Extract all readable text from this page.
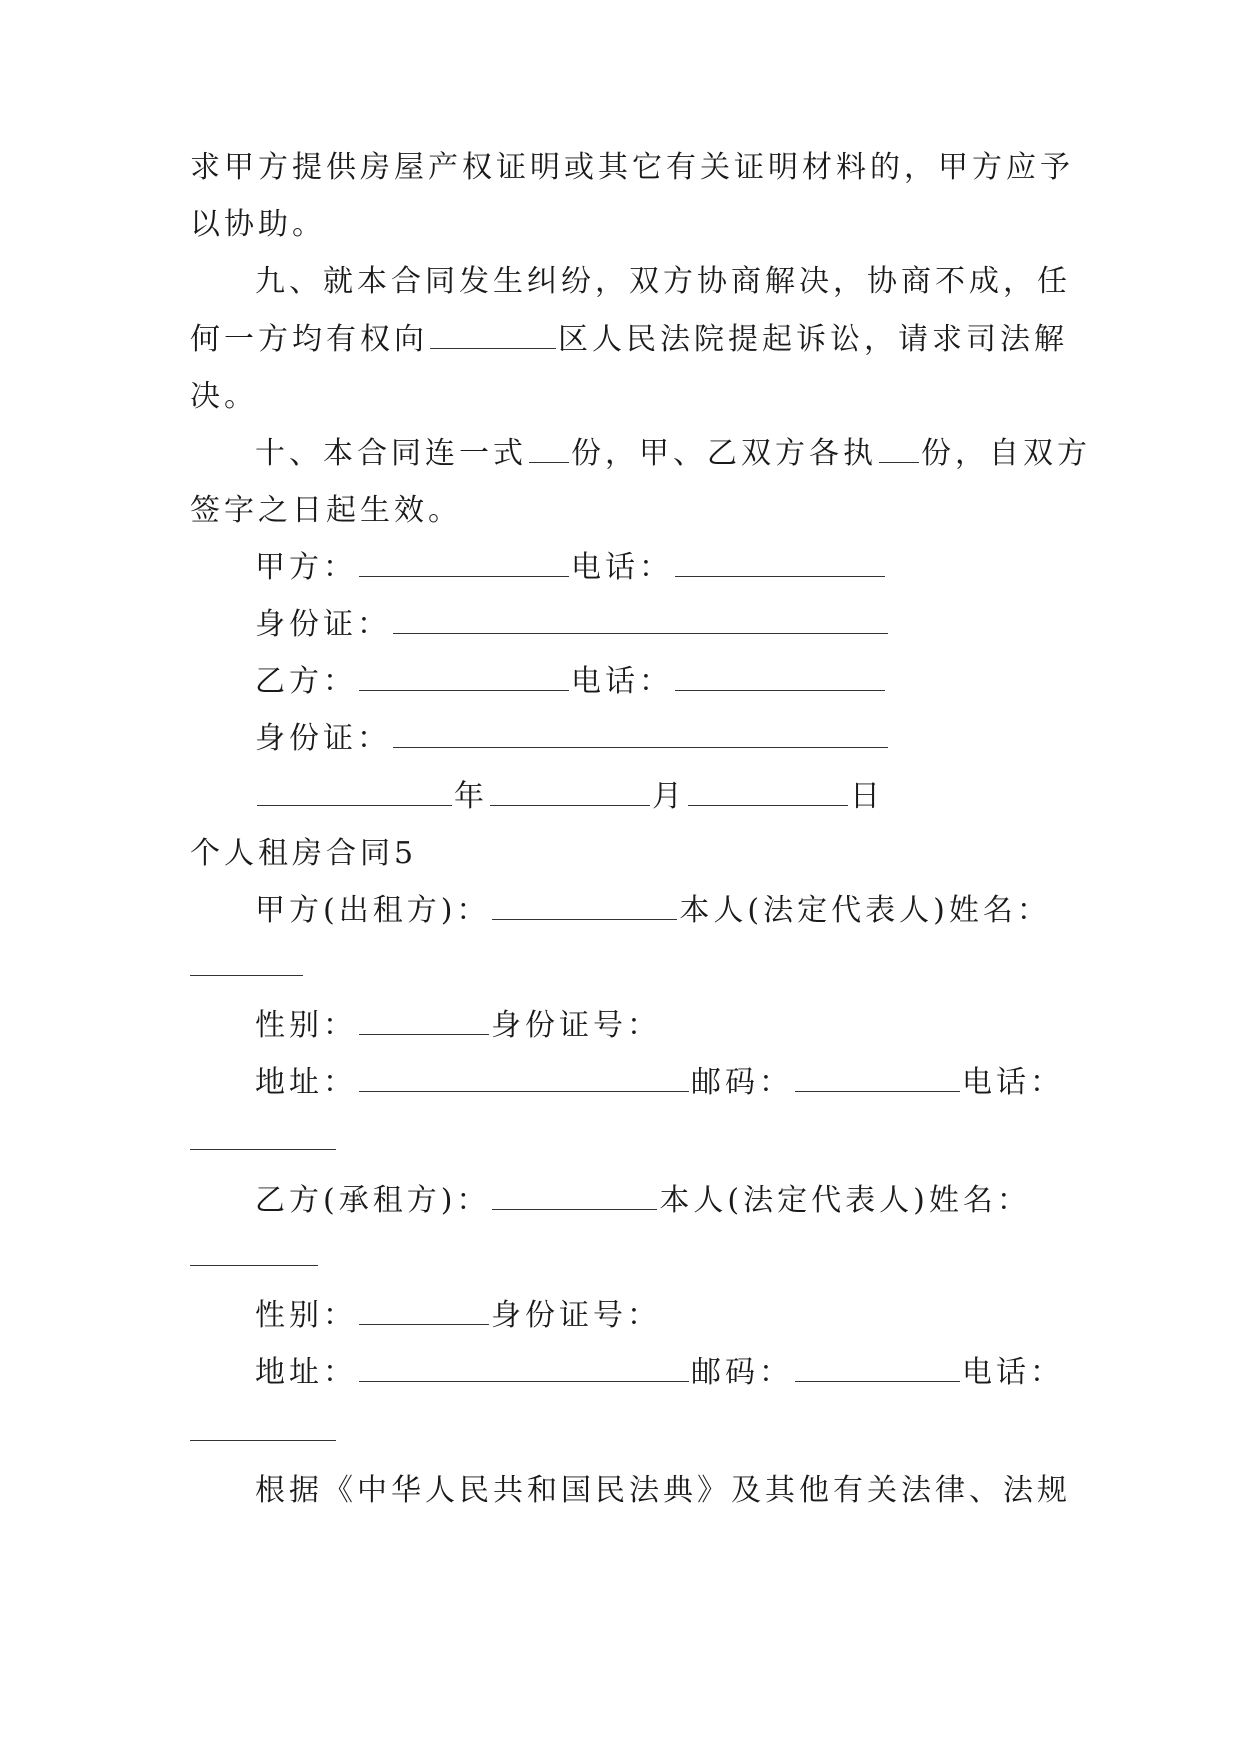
求甲方提供房屋产权证明或其它有关证明材料的，甲方应予

以协助。

九、就本合同发生纠纷，双方协商解决，协商不成，任

何一方均有权向	区人民法院提起诉讼，请求司法解

决。

十、本合同连一式 份，甲、乙双方各执 份，自双方

签字之日起生效。

甲方：	电话：

身份证：

乙方：	电话：

身份证：

年	月	日

个人租房合同5

甲方(出租方)：	本人(法定代表人)姓名：

性别：	身份证号：

地址：	邮码：	电话：

乙方(承租方)：	本人(法定代表人)姓名：

性别：	身份证号：

地址：	邮码：	电话：

根据《中华人民共和国民法典》及其他有关法律、法规
